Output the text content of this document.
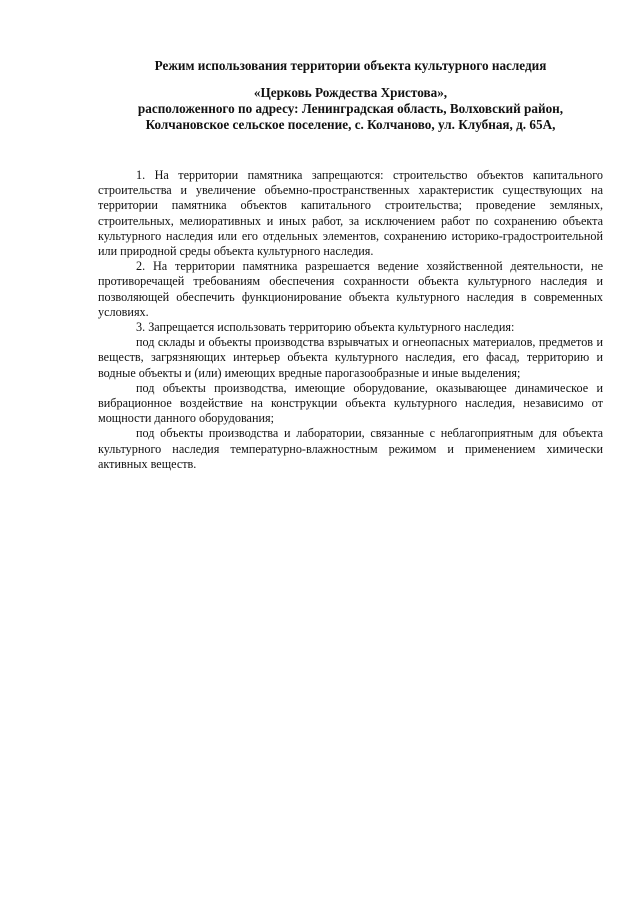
Режим использования территории объекта культурного наследия

«Церковь Рождества Христова»,

расположенного по адресу: Ленинградская область, Волховский район,

Колчановское сельское поселение, с. Колчаново, ул. Клубная, д. 65А,

1. На территории памятника запрещаются: строительство объектов капитального строительства и увеличение объемно-пространственных характеристик существующих на территории памятника объектов капитального строительства; проведение земляных, строительных, мелиоративных и иных работ, за исключением работ по сохранению объекта культурного наследия или его отдельных элементов, сохранению историко-градостроительной или природной среды объекта культурного наследия.

2. На территории памятника разрешается ведение хозяйственной деятельности, не противоречащей требованиям обеспечения сохранности объекта культурного наследия и позволяющей обеспечить функционирование объекта культурного наследия в современных условиях.

3. Запрещается использовать территорию объекта культурного наследия:

под склады и объекты производства взрывчатых и огнеопасных материалов, предметов и веществ, загрязняющих интерьер объекта культурного наследия, его фасад, территорию и водные объекты и (или) имеющих вредные парогазообразные и иные выделения;

под объекты производства, имеющие оборудование, оказывающее динамическое и вибрационное воздействие на конструкции объекта культурного наследия, независимо от мощности данного оборудования;

под объекты производства и лаборатории, связанные с неблагоприятным для объекта культурного наследия температурно-влажностным режимом и применением химически активных веществ.
